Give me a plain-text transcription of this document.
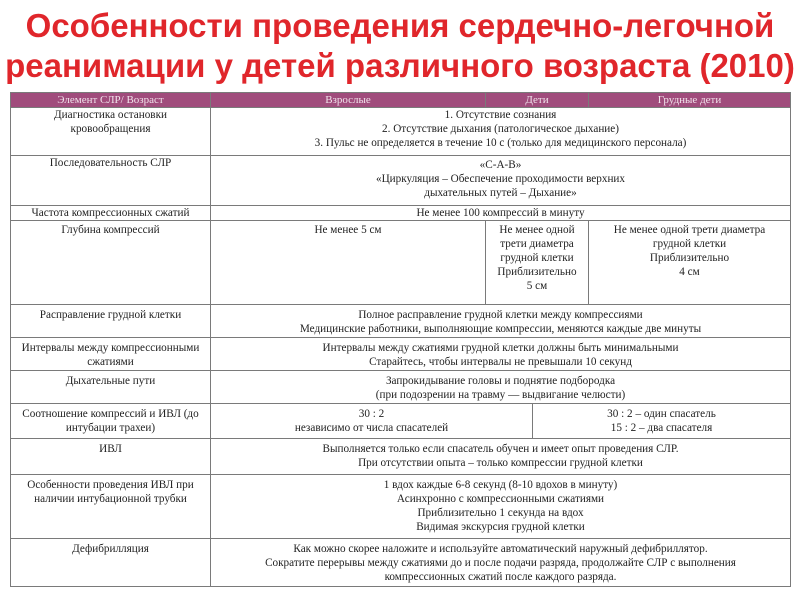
Особенности проведения сердечно-легочной
реанимации у детей различного возраста (2010)
Элемент СЛР/ Возраст	Взрослые	Дети		Грудные дети

Диагностика остановки кровообращения	1. Отсутствие сознания
2. Отсутствие дыхания (патологическое дыхание)
3. Пульс не определяется в течение 10 с (только для медицинского персонала)			

Последовательность СЛР	«С-А-В»
«Циркуляция – Обеспечение проходимости верхних
дыхательных путей – Дыхание»			

Частота компрессионных сжатий	Не менее 100 компрессий в минуту			

Глубина компрессий	Не менее 5 см	Не менее одной
трети диаметра
грудной клетки
Приблизительно
5 см		Не менее одной трети диаметра
грудной клетки
Приблизительно
4 см

Расправление грудной клетки	Полное расправление грудной клетки между компрессиями
Медицинские работники, выполняющие компрессии, меняются каждые две минуты			

Интервалы между компрессионными сжатиями	Интервалы между сжатиями грудной клетки должны быть минимальными
Старайтесь, чтобы интервалы не превышали 10 секунд			

Дыхательные пути	Запрокидывание головы и поднятие подбородка
(при подозрении на травму — выдвигание челюсти)			

Соотношение компрессий и ИВЛ (до интубации трахеи)	30 : 2
независимо от числа спасателей		30 : 2 – один спасатель
15 : 2 – два спасателя	

ИВЛ	Выполняется только если спасатель обучен и имеет опыт проведения СЛР.
При отсутствии опыта – только компрессии грудной клетки			

Особенности проведения ИВЛ при наличии интубационной трубки	1 вдох каждые 6-8 секунд (8-10 вдохов в минуту)
Асинхронно с компрессионными сжатиями
Приблизительно 1 секунда на вдох
Видимая экскурсия грудной клетки			

Дефибрилляция	Как можно скорее наложите и используйте автоматический наружный дефибриллятор.
Сократите перерывы между сжатиями до и после подачи разряда, продолжайте СЛР с выполнения
компрессионных сжатий после каждого разряда.			
